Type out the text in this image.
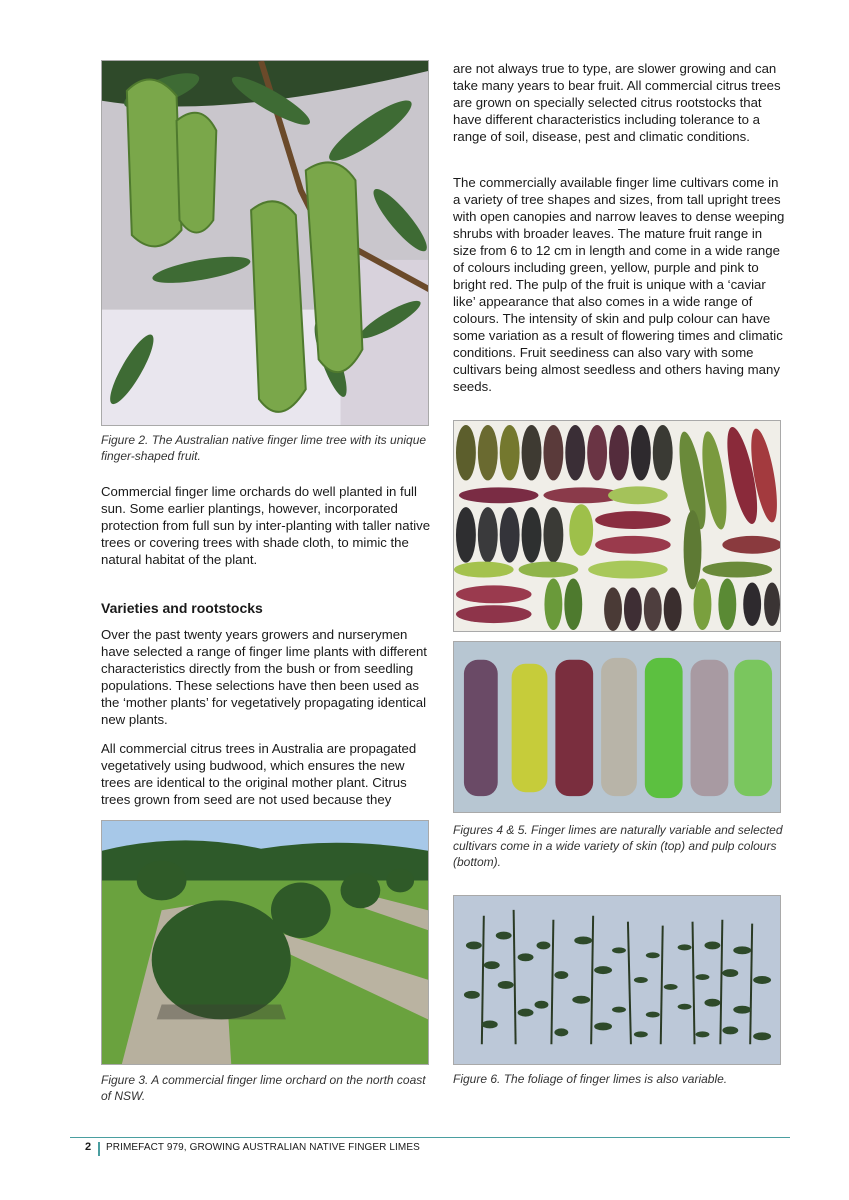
Figure 2. The Australian native finger lime tree with its unique finger-shaped fruit.

Commercial finger lime orchards do well planted in full sun. Some earlier plantings, however, incorporated protection from full sun by inter-planting with taller native trees or covering trees with shade cloth, to mimic the natural habitat of the plant.

Varieties and rootstocks

Over the past twenty years growers and nurserymen have selected a range of finger lime plants with different characteristics directly from the bush or from seedling populations. These selections have then been used as the ‘mother plants’ for vegetatively propagating identical new plants.

All commercial citrus trees in Australia are propagated vegetatively using budwood, which ensures the new trees are identical to the original mother plant. Citrus trees grown from seed are not used because they

Figure 3. A commercial finger lime orchard on the north coast of NSW.

are not always true to type, are slower growing and can take many years to bear fruit. All commercial citrus trees are grown on specially selected citrus rootstocks that have different characteristics including tolerance to a range of soil, disease, pest and climatic conditions.

The commercially available finger lime cultivars come in a variety of tree shapes and sizes, from tall upright trees with open canopies and narrow leaves to dense weeping shrubs with broader leaves. The mature fruit range in size from 6 to 12 cm in length and come in a wide range of colours including green, yellow, purple and pink to bright red. The pulp of the fruit is unique with a ‘caviar like’ appearance that also comes in a wide range of colours. The intensity of skin and pulp colour can have some variation as a result of flowering times and climatic conditions. Fruit seediness can also vary with some cultivars being almost seedless and others having many seeds.

Figures 4 & 5. Finger limes are naturally variable and selected cultivars come in a wide variety of skin (top) and pulp colours (bottom).

Figure 6. The foliage of finger limes is also variable.

2 PRIMEFACT 979, GROWING AUSTRALIAN NATIVE FINGER LIMES
